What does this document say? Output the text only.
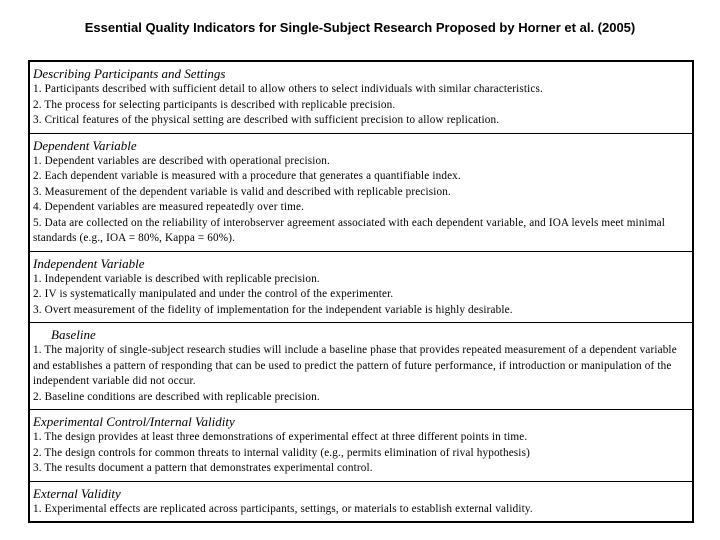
Essential Quality Indicators for Single-Subject Research Proposed by Horner et al. (2005)
Describing Participants and Settings
1. Participants described with sufficient detail to allow others to select individuals with similar characteristics.
2. The process for selecting participants is described with replicable precision.
3. Critical features of the physical setting are described with sufficient precision to allow replication.
Dependent Variable
1. Dependent variables are described with operational precision.
2. Each dependent variable is measured with a procedure that generates a quantifiable index.
3. Measurement of the dependent variable is valid and described with replicable precision.
4. Dependent variables are measured repeatedly over time.
5. Data are collected on the reliability of interobserver agreement associated with each dependent variable, and IOA levels meet minimal standards (e.g., IOA = 80%, Kappa = 60%).
Independent Variable
1. Independent variable is described with replicable precision.
2. IV is systematically manipulated and under the control of the experimenter.
3. Overt measurement of the fidelity of implementation for the independent variable is highly desirable.
Baseline
1. The majority of single-subject research studies will include a baseline phase that provides repeated measurement of a dependent variable and establishes a pattern of responding that can be used to predict the pattern of future performance, if introduction or manipulation of the independent variable did not occur.
2. Baseline conditions are described with replicable precision.
Experimental Control/Internal Validity
1. The design provides at least three demonstrations of experimental effect at three different points in time.
2. The design controls for common threats to internal validity (e.g., permits elimination of rival hypothesis)
3. The results document a pattern that demonstrates experimental control.
External Validity
1. Experimental effects are replicated across participants, settings, or materials to establish external validity.
